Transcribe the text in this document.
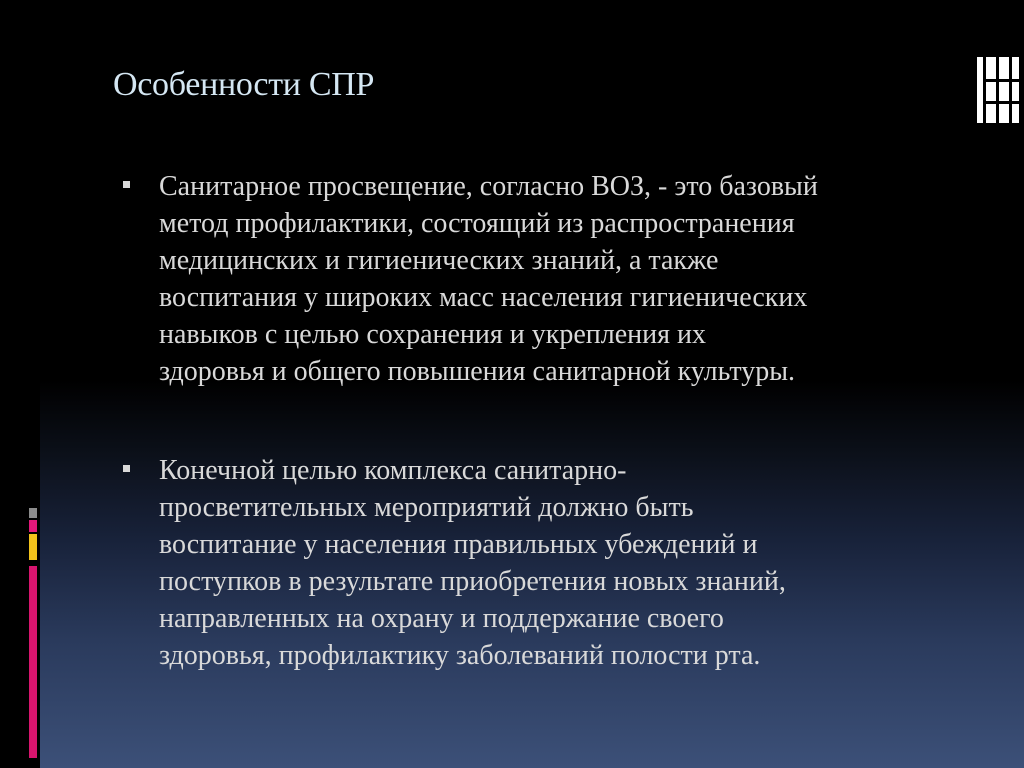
Особенности СПР
Санитарное просвещение, согласно ВОЗ, - это базовый
метод профилактики, состоящий из распространения
медицинских и гигиенических знаний, а также
воспитания у широких масс населения гигиенических
навыков с целью сохранения и укрепления их
здоровья и общего повышения санитарной культуры.
Конечной целью комплекса санитарно-
просветительных мероприятий должно быть
воспитание у населения правильных убеждений и
поступков в результате приобретения новых знаний,
направленных на охрану и поддержание своего
здоровья, профилактику заболеваний полости рта.
